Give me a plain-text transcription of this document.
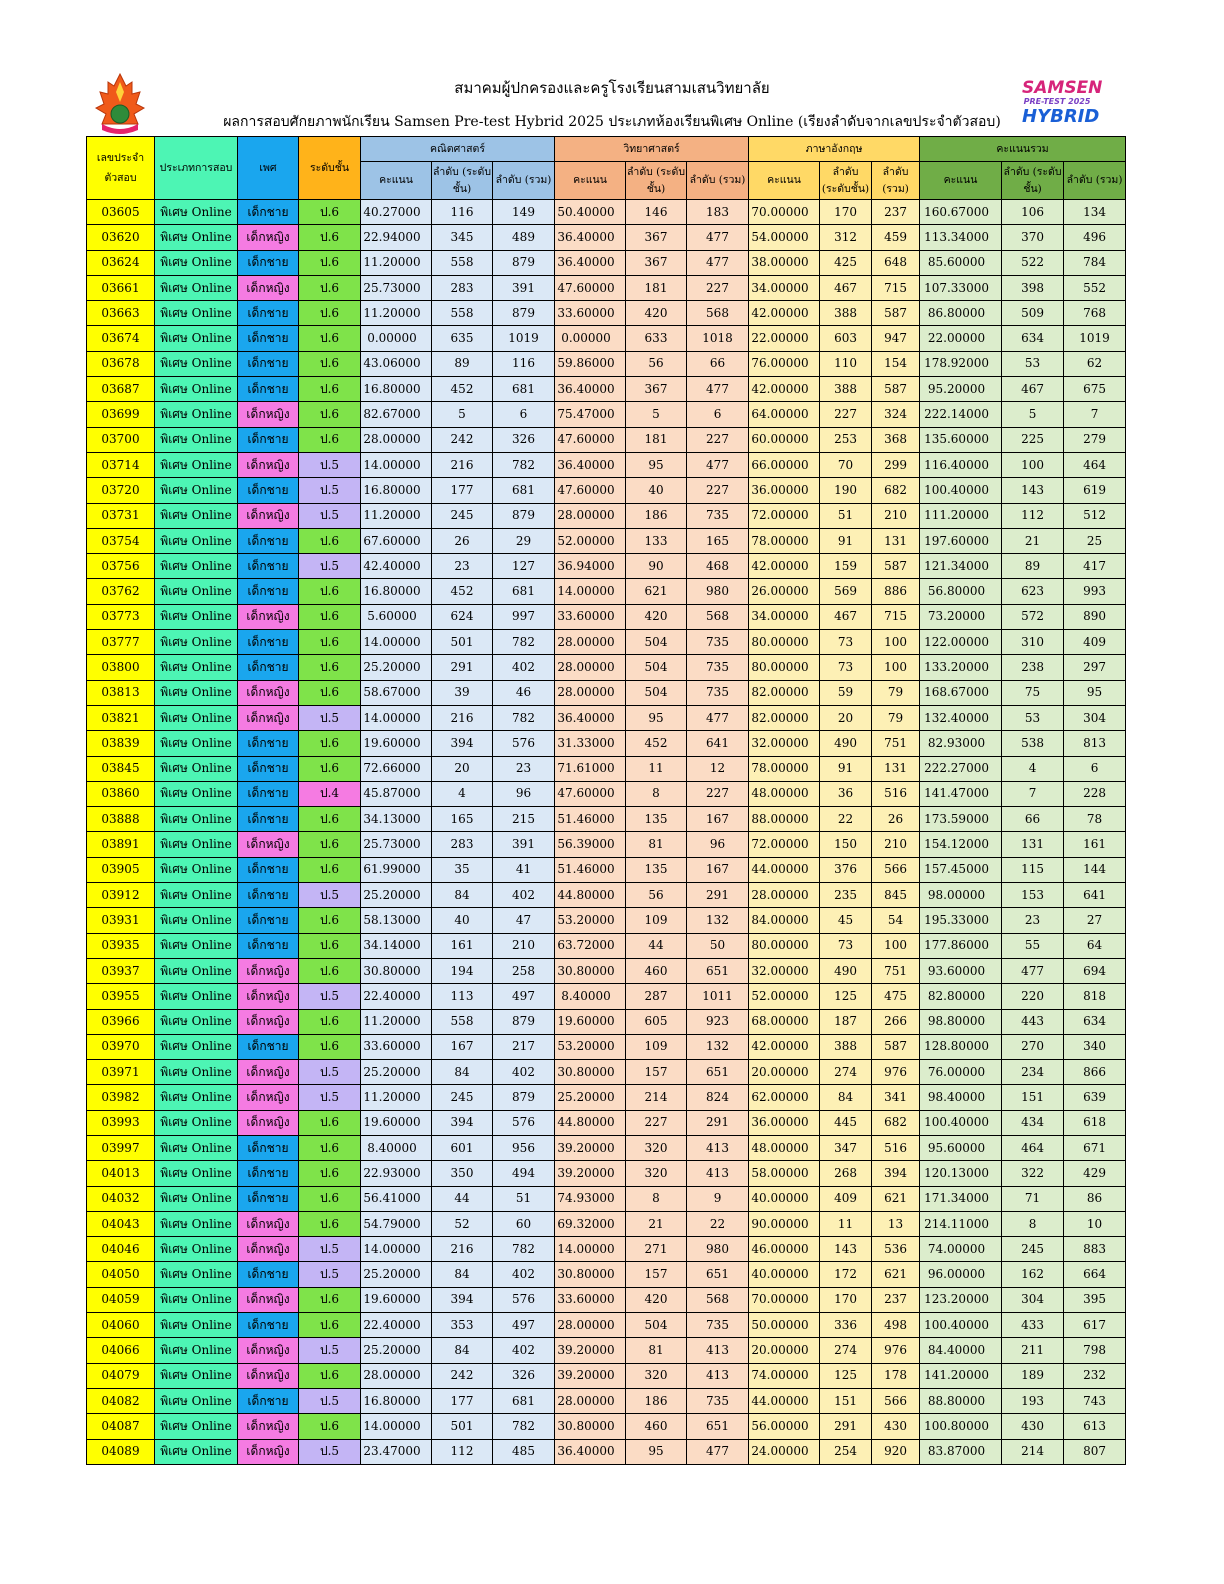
SAMSEN
PRE-TEST 2025
HYBRID
สมาคมผู้ปกครองและครูโรงเรียนสามเสนวิทยาลัย
ผลการสอบศักยภาพนักเรียน Samsen Pre-test Hybrid 2025 ประเภทห้องเรียนพิเศษ Online (เรียงลำดับจากเลขประจำตัวสอบ)
เลขประจำตัวสอบ	ประเภทการสอบ	เพศ	ระดับชั้น	คณิตศาสตร์			วิทยาศาสตร์			ภาษาอังกฤษ			คะแนนรวม		
				คะแนน	ลำดับ (ระดับชั้น)	ลำดับ (รวม)	คะแนน	ลำดับ (ระดับชั้น)	ลำดับ (รวม)	คะแนน	ลำดับ (ระดับชั้น)	ลำดับ (รวม)	คะแนน	ลำดับ (ระดับชั้น)	ลำดับ (รวม)
03605	พิเศษ Online	เด็กชาย	ป.6	40.27000	116	149	50.40000	146	183	70.00000	170	237	160.67000	106	134
03620	พิเศษ Online	เด็กหญิง	ป.6	22.94000	345	489	36.40000	367	477	54.00000	312	459	113.34000	370	496
03624	พิเศษ Online	เด็กชาย	ป.6	11.20000	558	879	36.40000	367	477	38.00000	425	648	85.60000	522	784
03661	พิเศษ Online	เด็กหญิง	ป.6	25.73000	283	391	47.60000	181	227	34.00000	467	715	107.33000	398	552
03663	พิเศษ Online	เด็กชาย	ป.6	11.20000	558	879	33.60000	420	568	42.00000	388	587	86.80000	509	768
03674	พิเศษ Online	เด็กชาย	ป.6	0.00000	635	1019	0.00000	633	1018	22.00000	603	947	22.00000	634	1019
03678	พิเศษ Online	เด็กชาย	ป.6	43.06000	89	116	59.86000	56	66	76.00000	110	154	178.92000	53	62
03687	พิเศษ Online	เด็กชาย	ป.6	16.80000	452	681	36.40000	367	477	42.00000	388	587	95.20000	467	675
03699	พิเศษ Online	เด็กหญิง	ป.6	82.67000	5	6	75.47000	5	6	64.00000	227	324	222.14000	5	7
03700	พิเศษ Online	เด็กชาย	ป.6	28.00000	242	326	47.60000	181	227	60.00000	253	368	135.60000	225	279
03714	พิเศษ Online	เด็กหญิง	ป.5	14.00000	216	782	36.40000	95	477	66.00000	70	299	116.40000	100	464
03720	พิเศษ Online	เด็กชาย	ป.5	16.80000	177	681	47.60000	40	227	36.00000	190	682	100.40000	143	619
03731	พิเศษ Online	เด็กหญิง	ป.5	11.20000	245	879	28.00000	186	735	72.00000	51	210	111.20000	112	512
03754	พิเศษ Online	เด็กชาย	ป.6	67.60000	26	29	52.00000	133	165	78.00000	91	131	197.60000	21	25
03756	พิเศษ Online	เด็กชาย	ป.5	42.40000	23	127	36.94000	90	468	42.00000	159	587	121.34000	89	417
03762	พิเศษ Online	เด็กชาย	ป.6	16.80000	452	681	14.00000	621	980	26.00000	569	886	56.80000	623	993
03773	พิเศษ Online	เด็กหญิง	ป.6	5.60000	624	997	33.60000	420	568	34.00000	467	715	73.20000	572	890
03777	พิเศษ Online	เด็กชาย	ป.6	14.00000	501	782	28.00000	504	735	80.00000	73	100	122.00000	310	409
03800	พิเศษ Online	เด็กชาย	ป.6	25.20000	291	402	28.00000	504	735	80.00000	73	100	133.20000	238	297
03813	พิเศษ Online	เด็กหญิง	ป.6	58.67000	39	46	28.00000	504	735	82.00000	59	79	168.67000	75	95
03821	พิเศษ Online	เด็กหญิง	ป.5	14.00000	216	782	36.40000	95	477	82.00000	20	79	132.40000	53	304
03839	พิเศษ Online	เด็กชาย	ป.6	19.60000	394	576	31.33000	452	641	32.00000	490	751	82.93000	538	813
03845	พิเศษ Online	เด็กชาย	ป.6	72.66000	20	23	71.61000	11	12	78.00000	91	131	222.27000	4	6
03860	พิเศษ Online	เด็กชาย	ป.4	45.87000	4	96	47.60000	8	227	48.00000	36	516	141.47000	7	228
03888	พิเศษ Online	เด็กชาย	ป.6	34.13000	165	215	51.46000	135	167	88.00000	22	26	173.59000	66	78
03891	พิเศษ Online	เด็กหญิง	ป.6	25.73000	283	391	56.39000	81	96	72.00000	150	210	154.12000	131	161
03905	พิเศษ Online	เด็กชาย	ป.6	61.99000	35	41	51.46000	135	167	44.00000	376	566	157.45000	115	144
03912	พิเศษ Online	เด็กชาย	ป.5	25.20000	84	402	44.80000	56	291	28.00000	235	845	98.00000	153	641
03931	พิเศษ Online	เด็กชาย	ป.6	58.13000	40	47	53.20000	109	132	84.00000	45	54	195.33000	23	27
03935	พิเศษ Online	เด็กชาย	ป.6	34.14000	161	210	63.72000	44	50	80.00000	73	100	177.86000	55	64
03937	พิเศษ Online	เด็กหญิง	ป.6	30.80000	194	258	30.80000	460	651	32.00000	490	751	93.60000	477	694
03955	พิเศษ Online	เด็กหญิง	ป.5	22.40000	113	497	8.40000	287	1011	52.00000	125	475	82.80000	220	818
03966	พิเศษ Online	เด็กหญิง	ป.6	11.20000	558	879	19.60000	605	923	68.00000	187	266	98.80000	443	634
03970	พิเศษ Online	เด็กชาย	ป.6	33.60000	167	217	53.20000	109	132	42.00000	388	587	128.80000	270	340
03971	พิเศษ Online	เด็กหญิง	ป.5	25.20000	84	402	30.80000	157	651	20.00000	274	976	76.00000	234	866
03982	พิเศษ Online	เด็กหญิง	ป.5	11.20000	245	879	25.20000	214	824	62.00000	84	341	98.40000	151	639
03993	พิเศษ Online	เด็กหญิง	ป.6	19.60000	394	576	44.80000	227	291	36.00000	445	682	100.40000	434	618
03997	พิเศษ Online	เด็กชาย	ป.6	8.40000	601	956	39.20000	320	413	48.00000	347	516	95.60000	464	671
04013	พิเศษ Online	เด็กชาย	ป.6	22.93000	350	494	39.20000	320	413	58.00000	268	394	120.13000	322	429
04032	พิเศษ Online	เด็กชาย	ป.6	56.41000	44	51	74.93000	8	9	40.00000	409	621	171.34000	71	86
04043	พิเศษ Online	เด็กหญิง	ป.6	54.79000	52	60	69.32000	21	22	90.00000	11	13	214.11000	8	10
04046	พิเศษ Online	เด็กหญิง	ป.5	14.00000	216	782	14.00000	271	980	46.00000	143	536	74.00000	245	883
04050	พิเศษ Online	เด็กชาย	ป.5	25.20000	84	402	30.80000	157	651	40.00000	172	621	96.00000	162	664
04059	พิเศษ Online	เด็กหญิง	ป.6	19.60000	394	576	33.60000	420	568	70.00000	170	237	123.20000	304	395
04060	พิเศษ Online	เด็กชาย	ป.6	22.40000	353	497	28.00000	504	735	50.00000	336	498	100.40000	433	617
04066	พิเศษ Online	เด็กหญิง	ป.5	25.20000	84	402	39.20000	81	413	20.00000	274	976	84.40000	211	798
04079	พิเศษ Online	เด็กหญิง	ป.6	28.00000	242	326	39.20000	320	413	74.00000	125	178	141.20000	189	232
04082	พิเศษ Online	เด็กชาย	ป.5	16.80000	177	681	28.00000	186	735	44.00000	151	566	88.80000	193	743
04087	พิเศษ Online	เด็กหญิง	ป.6	14.00000	501	782	30.80000	460	651	56.00000	291	430	100.80000	430	613
04089	พิเศษ Online	เด็กหญิง	ป.5	23.47000	112	485	36.40000	95	477	24.00000	254	920	83.87000	214	807
